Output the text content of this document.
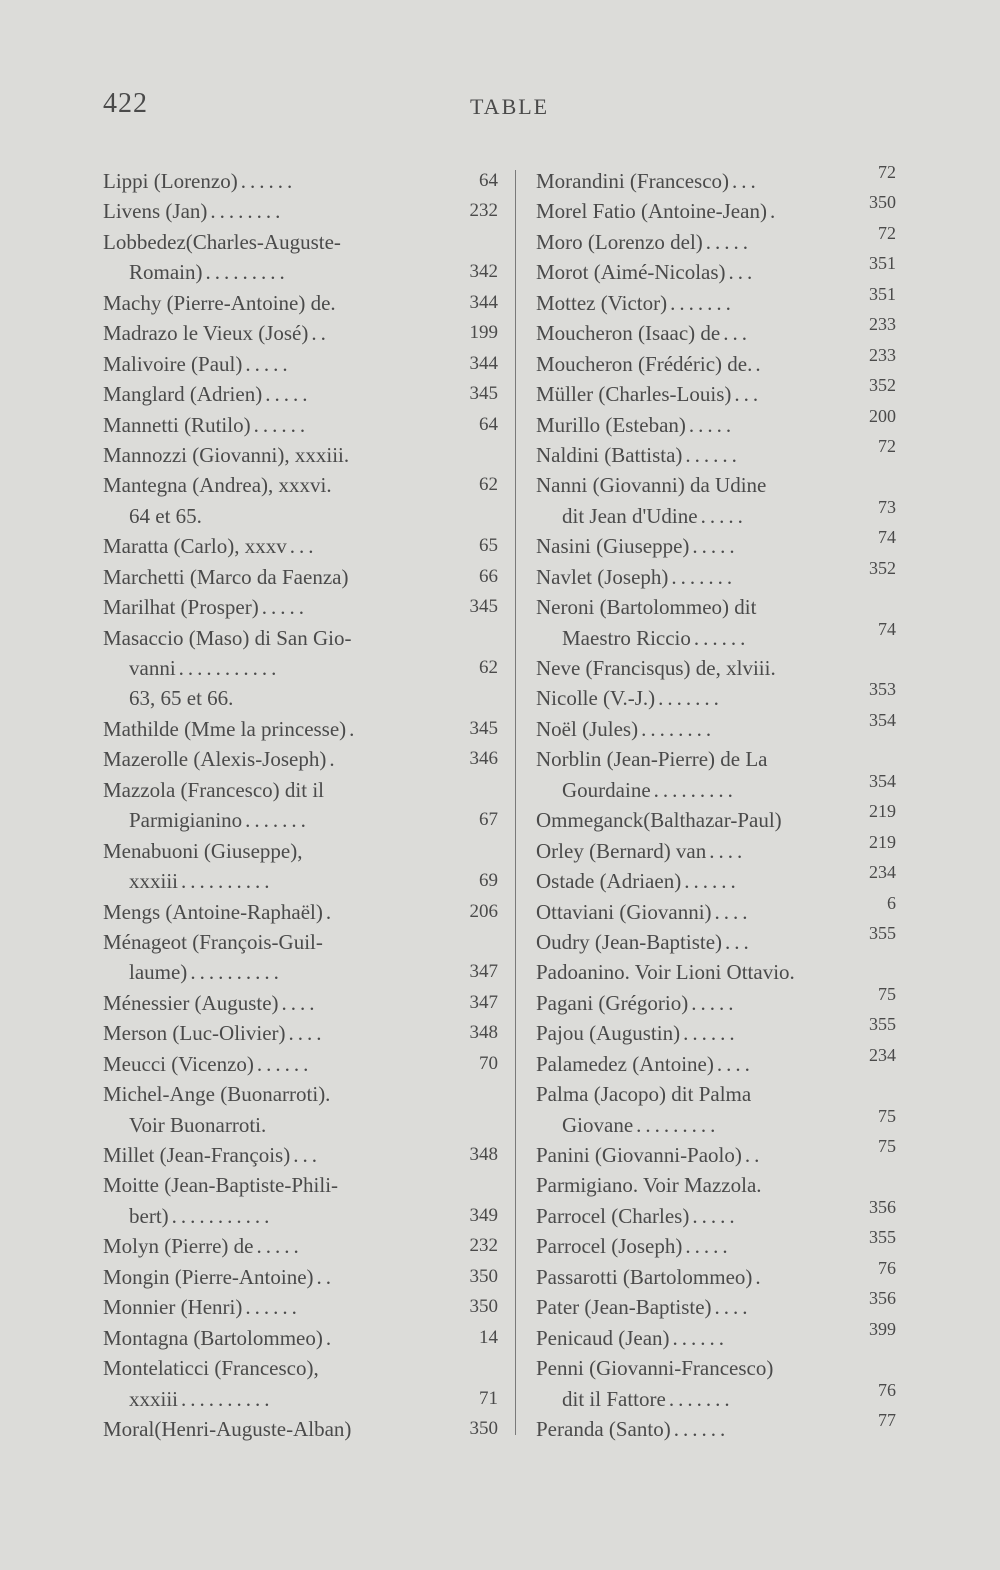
422	TABLE
Lippi (Lorenzo) ......	64
Livens (Jan) ........	232
Lobbedez(Charles-Auguste-
Romain) .........	342
Machy (Pierre-Antoine) de.	344
Madrazo le Vieux (José) ..	199
Malivoire (Paul) .....	344
Manglard (Adrien) .....	345
Mannetti (Rutilo) ......	64
Mannozzi (Giovanni), xxxiii.
Mantegna (Andrea), xxxvi.	62
64 et 65.
Maratta (Carlo), xxxv ...	65
Marchetti (Marco da Faenza)	66
Marilhat (Prosper) .....	345
Masaccio (Maso) di San Gio-
vanni ...........	62
63, 65 et 66.
Mathilde (Mme la princesse) .	345
Mazerolle (Alexis-Joseph) .	346
Mazzola (Francesco) dit il
Parmigianino .......	67
Menabuoni (Giuseppe),
xxxiii ..........	69
Mengs (Antoine-Raphaël) .	206
Ménageot (François-Guil-
laume) ..........	347
Ménessier (Auguste) ....	347
Merson (Luc-Olivier) ....	348
Meucci (Vicenzo) ......	70
Michel-Ange (Buonarroti).
Voir Buonarroti.
Millet (Jean-François) ...	348
Moitte (Jean-Baptiste-Phili-
bert) ...........	349
Molyn (Pierre) de .....	232
Mongin (Pierre-Antoine) ..	350
Monnier (Henri) ......	350
Montagna (Bartolommeo) .	14
Montelaticci (Francesco),
xxxiii ..........	71
Moral(Henri-Auguste-Alban)	350
Morandini (Francesco) ...	72
Morel Fatio (Antoine-Jean) .	350
Moro (Lorenzo del) .....	72
Morot (Aimé-Nicolas) ...	351
Mottez (Victor) .......	351
Moucheron (Isaac) de ...	233
Moucheron (Frédéric) de. .	233
Müller (Charles-Louis) ...	352
Murillo (Esteban) .....	200
Naldini (Battista) ......	72
Nanni (Giovanni) da Udine
dit Jean d'Udine .....	73
Nasini (Giuseppe) .....	74
Navlet (Joseph) .......	352
Neroni (Bartolommeo) dit
Maestro Riccio ......	74
Neve (Francisqus) de, xlviii.
Nicolle (V.-J.) .......	353
Noël (Jules) ........	354
Norblin (Jean-Pierre) de La
Gourdaine .........	354
Ommeganck(Balthazar-Paul)	219
Orley (Bernard) van ....	219
Ostade (Adriaen) ......	234
Ottaviani (Giovanni) ....	6
Oudry (Jean-Baptiste) ...	355
Padoanino. Voir Lioni Ottavio.
Pagani (Grégorio) .....	75
Pajou (Augustin) ......	355
Palamedez (Antoine) ....	234
Palma (Jacopo) dit Palma
Giovane .........	75
Panini (Giovanni-Paolo) ..	75
Parmigiano. Voir Mazzola.
Parrocel (Charles) .....	356
Parrocel (Joseph) .....	355
Passarotti (Bartolommeo) .	76
Pater (Jean-Baptiste) ....	356
Penicaud (Jean) ......	399
Penni (Giovanni-Francesco)
dit il Fattore .......	76
Peranda (Santo) ......	77
